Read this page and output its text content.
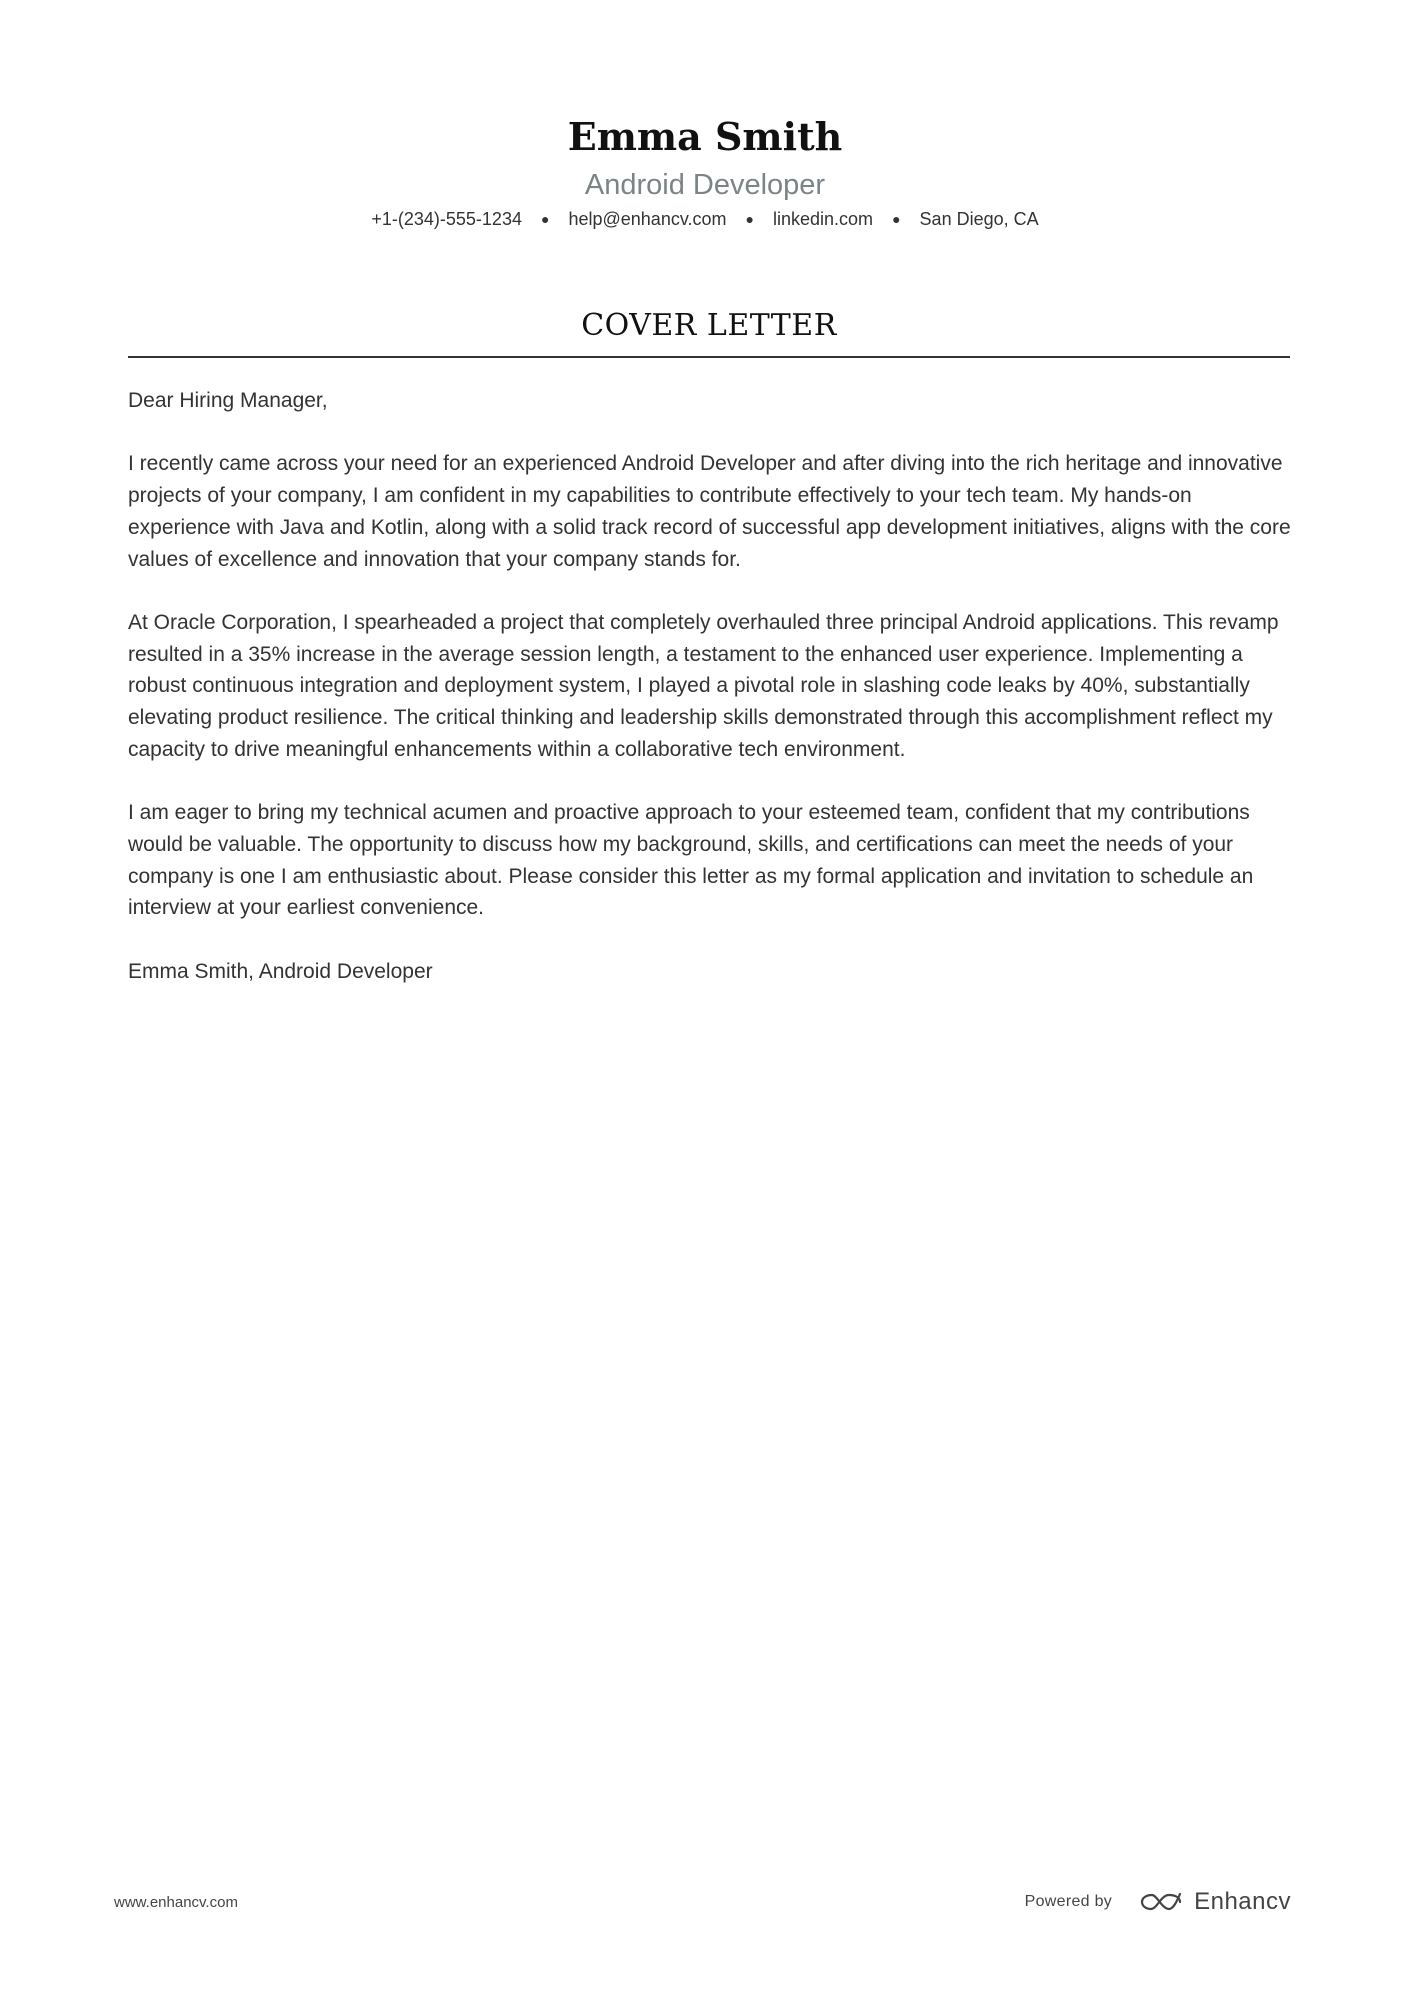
Emma Smith
Android Developer
+1-(234)-555-1234 ● help@enhancv.com ● linkedin.com ● San Diego, CA
COVER LETTER

Dear Hiring Manager,

I recently came across your need for an experienced Android Developer and after diving into the rich heritage and innovative projects of your company, I am confident in my capabilities to contribute effectively to your tech team. My hands-on experience with Java and Kotlin, along with a solid track record of successful app development initiatives, aligns with the core values of excellence and innovation that your company stands for.

At Oracle Corporation, I spearheaded a project that completely overhauled three principal Android applications. This revamp resulted in a 35% increase in the average session length, a testament to the enhanced user experience. Implementing a robust continuous integration and deployment system, I played a pivotal role in slashing code leaks by 40%, substantially elevating product resilience. The critical thinking and leadership skills demonstrated through this accomplishment reflect my capacity to drive meaningful enhancements within a collaborative tech environment.

I am eager to bring my technical acumen and proactive approach to your esteemed team, confident that my contributions would be valuable. The opportunity to discuss how my background, skills, and certifications can meet the needs of your company is one I am enthusiastic about. Please consider this letter as my formal application and invitation to schedule an interview at your earliest convenience.

Emma Smith, Android Developer

www.enhancv.com	Powered by	Enhancv
